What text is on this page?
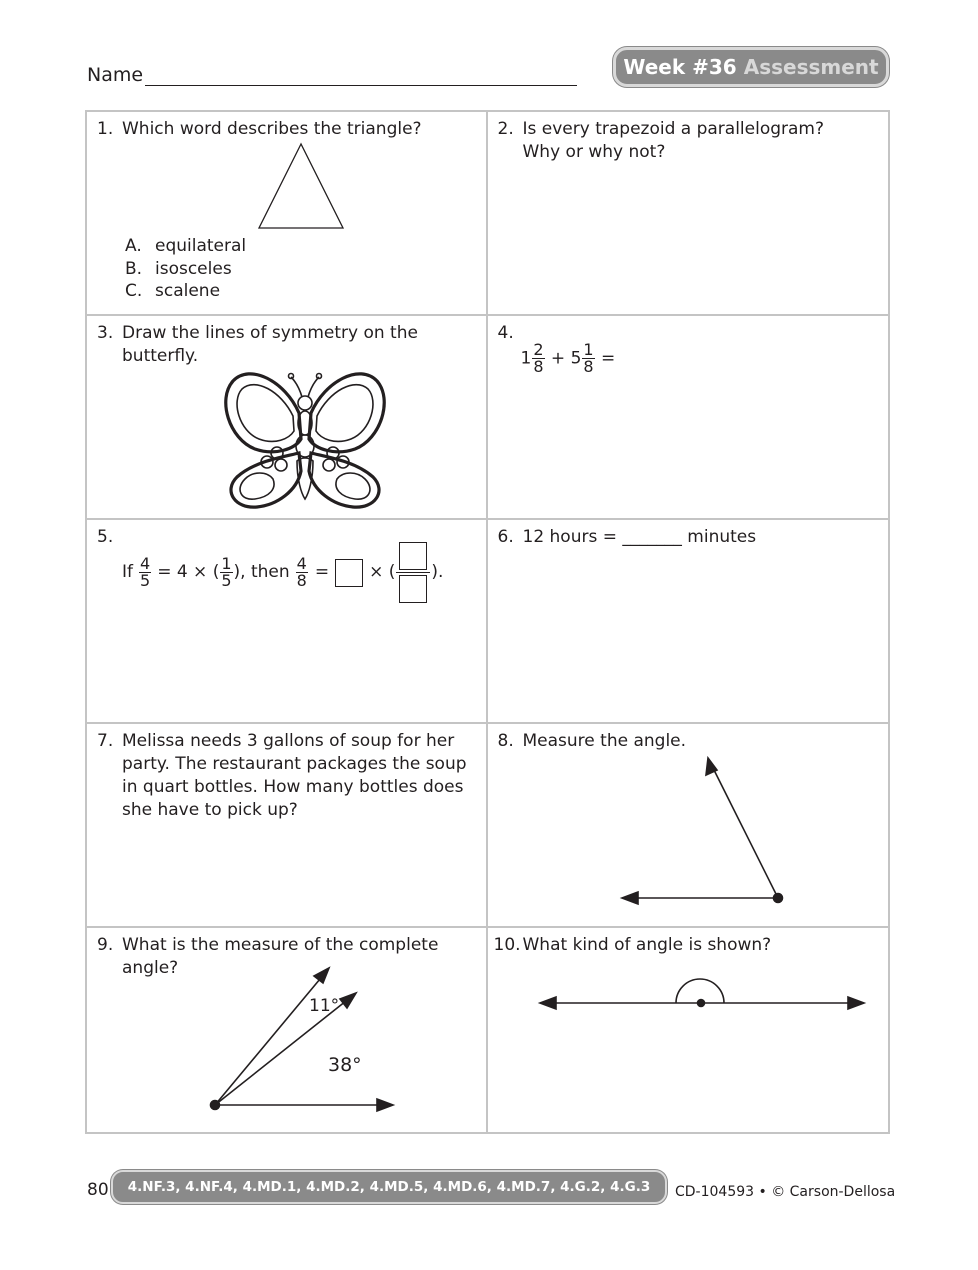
Name	Week #36 Assessment
1. Which word describes the triangle?
A. equilateral
B. isosceles
C. scalene
2. Is every trapezoid a parallelogram? Why or why not?
3. Draw the lines of symmetry on the butterfly.
4.
$1 \frac{2}{8} + 5 \frac{1}{8}$ =
5.
If $\frac{4}{5} = 4$ × ( $\frac{1}{5}$ ), then $\frac{4}{8}$ = × ( ).
6. 12 hours = _______ minutes
7. Melissa needs 3 gallons of soup for her party. The restaurant packages the soup in quart bottles. How many bottles does she have to pick up?
8. Measure the angle.
9. What is the measure of the complete angle?
11°
38°
10. What kind of angle is shown?
80	4.NF.3, 4.NF.4, 4.MD.1, 4.MD.2, 4.MD.5, 4.MD.6, 4.MD.7, 4.G.2, 4.G.3	CD-104593 • © Carson-Dellosa
